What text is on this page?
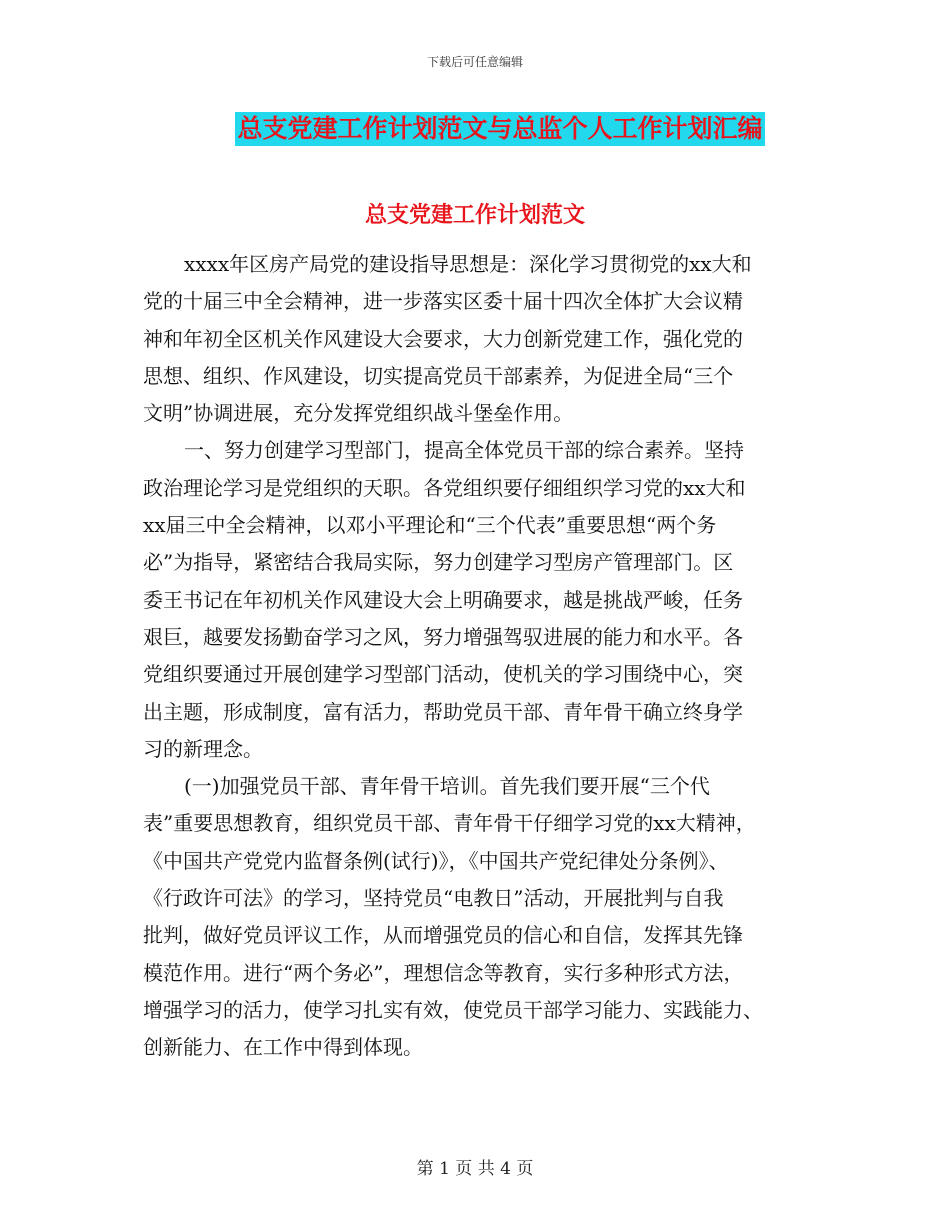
下载后可任意编辑
总支党建工作计划范文与总监个人工作计划汇编
总支党建工作计划范文
xxxx年区房产局党的建设指导思想是：深化学习贯彻党的xx大和
党的十届三中全会精神，进一步落实区委十届十四次全体扩大会议精
神和年初全区机关作风建设大会要求，大力创新党建工作，强化党的
思想、组织、作风建设，切实提高党员干部素养，为促进全局“三个
文明”协调进展，充分发挥党组织战斗堡垒作用。
一、努力创建学习型部门，提高全体党员干部的综合素养。坚持
政治理论学习是党组织的天职。各党组织要仔细组织学习党的xx大和
xx届三中全会精神，以邓小平理论和“三个代表”重要思想“两个务
必”为指导，紧密结合我局实际，努力创建学习型房产管理部门。区
委王书记在年初机关作风建设大会上明确要求，越是挑战严峻，任务
艰巨，越要发扬勤奋学习之风，努力增强驾驭进展的能力和水平。各
党组织要通过开展创建学习型部门活动，使机关的学习围绕中心，突
出主题，形成制度，富有活力，帮助党员干部、青年骨干确立终身学
习的新理念。
(一)加强党员干部、青年骨干培训。首先我们要开展“三个代
表”重要思想教育，组织党员干部、青年骨干仔细学习党的xx大精神，
《中国共产党党内监督条例(试行)》，《中国共产党纪律处分条例》、
《行政许可法》的学习，坚持党员“电教日”活动，开展批判与自我
批判，做好党员评议工作，从而增强党员的信心和自信，发挥其先锋
模范作用。进行“两个务必”，理想信念等教育，实行多种形式方法，
增强学习的活力，使学习扎实有效，使党员干部学习能力、实践能力、
创新能力、在工作中得到体现。
第 1 页 共 4 页
